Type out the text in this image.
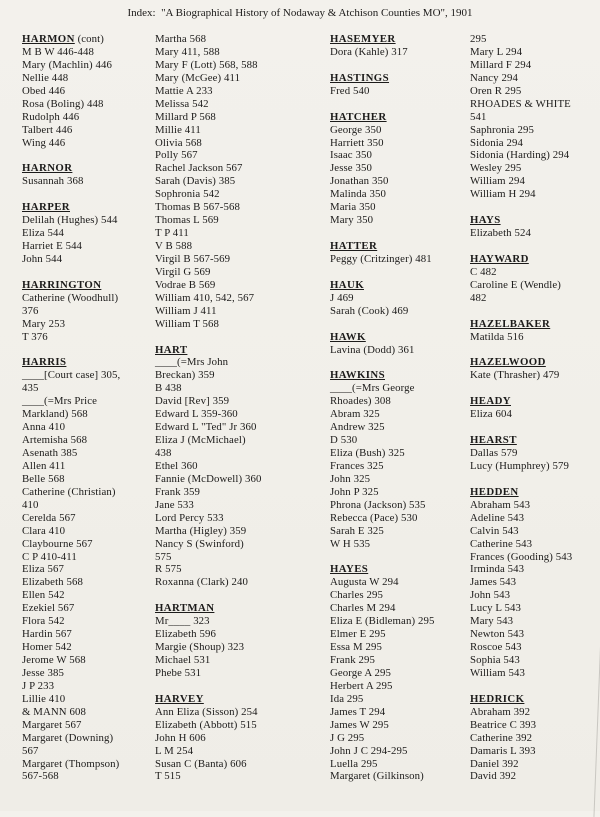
Index:  "A Biographical History of Nodaway & Atchison Counties MO", 1901
HARMON (cont)
M B W 446-448
Mary (Machlin) 446
Nellie 448
Obed 446
Rosa (Boling) 448
Rudolph 446
Talbert 446
Wing 446
HARNOR
Susannah 368
HARPER
Delilah (Hughes) 544
Eliza 544
Harriet E 544
John 544
HARRINGTON
Catherine (Woodhull)
376
Mary 253
T 376
HARRIS
____[Court case] 305,
435
____(=Mrs Price
Markland) 568
Anna 410
Artemisha 568
Asenath 385
Allen 411
Belle 568
Catherine (Christian)
410
Cerelda 567
Clara 410
Claybourne 567
C P 410-411
Eliza 567
Elizabeth 568
Ellen 542
Ezekiel 567
Flora 542
Hardin 567
Homer 542
Jerome W 568
Jesse 385
J P 233
Lillie 410
& MANN 608
Margaret 567
Margaret (Downing)
567
Margaret (Thompson)
567-568
Martha 568
Mary 411, 588
Mary F (Lott) 568, 588
Mary (McGee) 411
Mattie A 233
Melissa 542
Millard P 568
Millie 411
Olivia 568
Polly 567
Rachel Jackson 567
Sarah (Davis) 385
Sophronia 542
Thomas B 567-568
Thomas L 569
T P 411
V B 588
Virgil B 567-569
Virgil G 569
Vodrae B 569
William 410, 542, 567
William J 411
William T 568
HART
____(=Mrs John
Breckan) 359
B 438
David [Rev] 359
Edward L 359-360
Edward L "Ted" Jr 360
Eliza J (McMichael)
438
Ethel 360
Fannie (McDowell) 360
Frank 359
Jane 533
Lord Percy 533
Martha (Higley) 359
Nancy S (Swinford)
575
R 575
Roxanna (Clark) 240
HARTMAN
Mr____ 323
Elizabeth 596
Margie (Shoup) 323
Michael 531
Phebe 531
HARVEY
Ann Eliza (Sisson) 254
Elizabeth (Abbott) 515
John H 606
L M 254
Susan C (Banta) 606
T 515
HASEMYER
Dora (Kahle) 317
HASTINGS
Fred 540
HATCHER
George 350
Harriett 350
Isaac 350
Jesse 350
Jonathan 350
Malinda 350
Maria 350
Mary 350
HATTER
Peggy (Critzinger) 481
HAUK
J 469
Sarah (Cook) 469
HAWK
Lavina (Dodd) 361
HAWKINS
____(=Mrs George
Rhoades) 308
Abram 325
Andrew 325
D 530
Eliza (Bush) 325
Frances 325
John 325
John P 325
Phrona (Jackson) 535
Rebecca (Pace) 530
Sarah E 325
W H 535
HAYES
Augusta W 294
Charles 295
Charles M 294
Eliza E (Bidleman) 295
Elmer E 295
Essa M 295
Frank 295
George A 295
Herbert A 295
Ida 295
James T 294
James W 295
J G 295
John J C 294-295
Luella 295
Margaret (Gilkinson)
295
Mary L 294
Millard F 294
Nancy 294
Oren R 295
RHOADES & WHITE
541
Saphronia 295
Sidonia 294
Sidonia (Harding) 294
Wesley 295
William 294
William H 294
HAYS
Elizabeth 524
HAYWARD
C 482
Caroline E (Wendle)
482
HAZELBAKER
Matilda 516
HAZELWOOD
Kate (Thrasher) 479
HEADY
Eliza 604
HEARST
Dallas 579
Lucy (Humphrey) 579
HEDDEN
Abraham 543
Adeline 543
Calvin 543
Catherine 543
Frances (Gooding) 543
Irminda 543
James 543
John 543
Lucy L 543
Mary 543
Newton 543
Roscoe 543
Sophia 543
William 543
HEDRICK
Abraham 392
Beatrice C 393
Catherine 392
Damaris L 393
Daniel 392
David 392
